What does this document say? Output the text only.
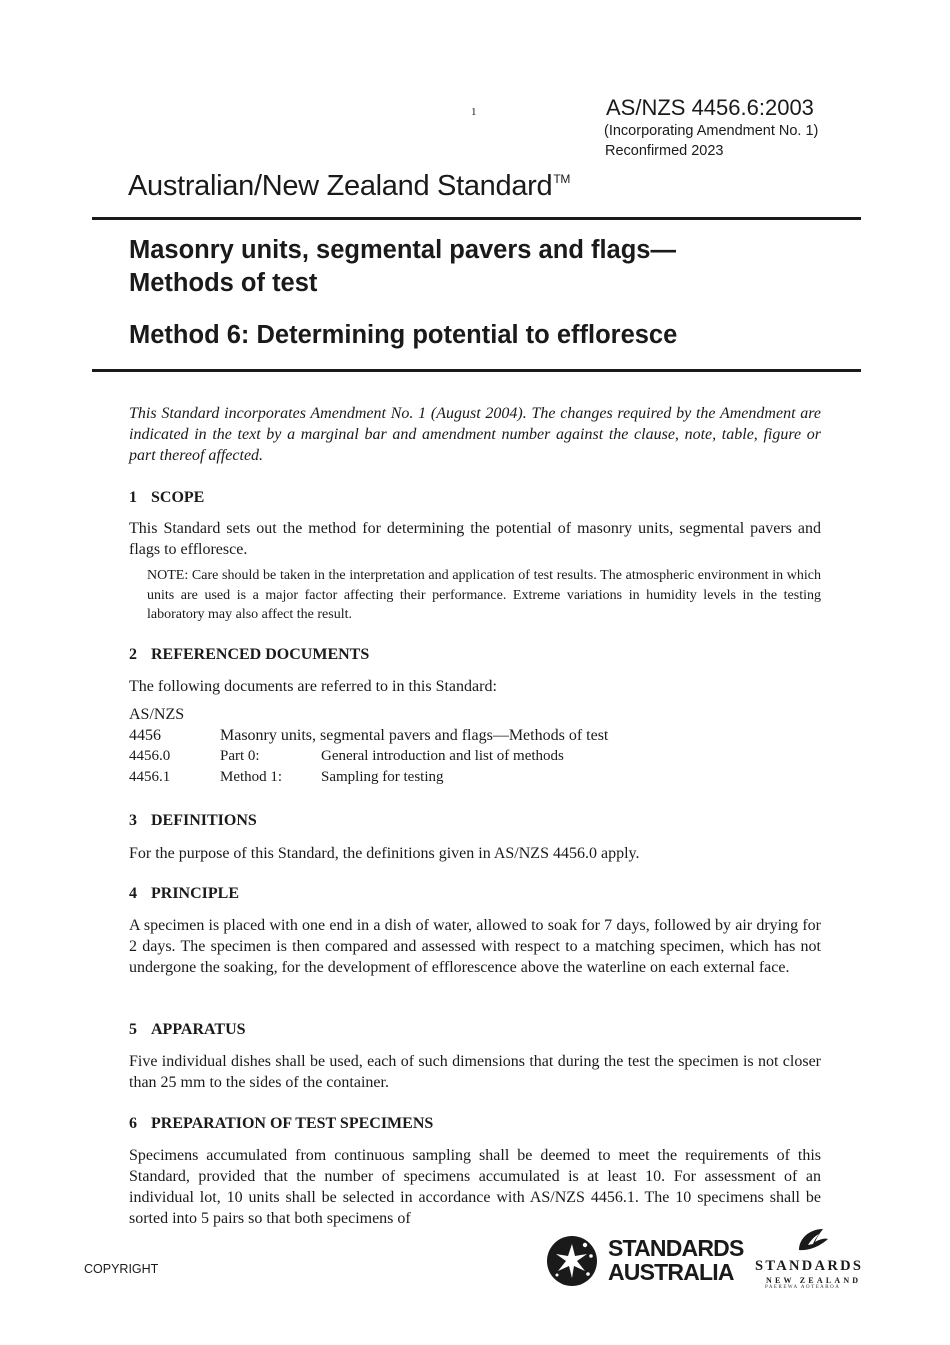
1	AS/NZS 4456.6:2003
(Incorporating Amendment No. 1)
Reconfirmed 2023
Australian/New Zealand Standard™
Masonry units, segmental pavers and flags—
Methods of test
Method 6: Determining potential to effloresce
This Standard incorporates Amendment No. 1 (August 2004). The changes required by the Amendment are indicated in the text by a marginal bar and amendment number against the clause, note, table, figure or part thereof affected.
1 SCOPE
This Standard sets out the method for determining the potential of masonry units, segmental pavers and flags to effloresce.
NOTE: Care should be taken in the interpretation and application of test results. The atmospheric environment in which units are used is a major factor affecting their performance. Extreme variations in humidity levels in the testing laboratory may also affect the result.
2 REFERENCED DOCUMENTS
The following documents are referred to in this Standard:
AS/NZS
4456	Masonry units, segmental pavers and flags—Methods of test
4456.0	Part 0:	General introduction and list of methods
4456.1	Method 1:	Sampling for testing
3 DEFINITIONS
For the purpose of this Standard, the definitions given in AS/NZS 4456.0 apply.
4 PRINCIPLE
A specimen is placed with one end in a dish of water, allowed to soak for 7 days, followed by air drying for 2 days. The specimen is then compared and assessed with respect to a matching specimen, which has not undergone the soaking, for the development of efflorescence above the waterline on each external face.
5 APPARATUS
Five individual dishes shall be used, each of such dimensions that during the test the specimen is not closer than 25 mm to the sides of the container.
6 PREPARATION OF TEST SPECIMENS
Specimens accumulated from continuous sampling shall be deemed to meet the requirements of this Standard, provided that the number of specimens accumulated is at least 10. For assessment of an individual lot, 10 units shall be selected in accordance with AS/NZS 4456.1. The 10 specimens shall be sorted into 5 pairs so that both specimens of
COPYRIGHT
STANDARDS
AUSTRALIA STANDARDS
NEW ZEALAND
PAEREWA AOTEAROA
